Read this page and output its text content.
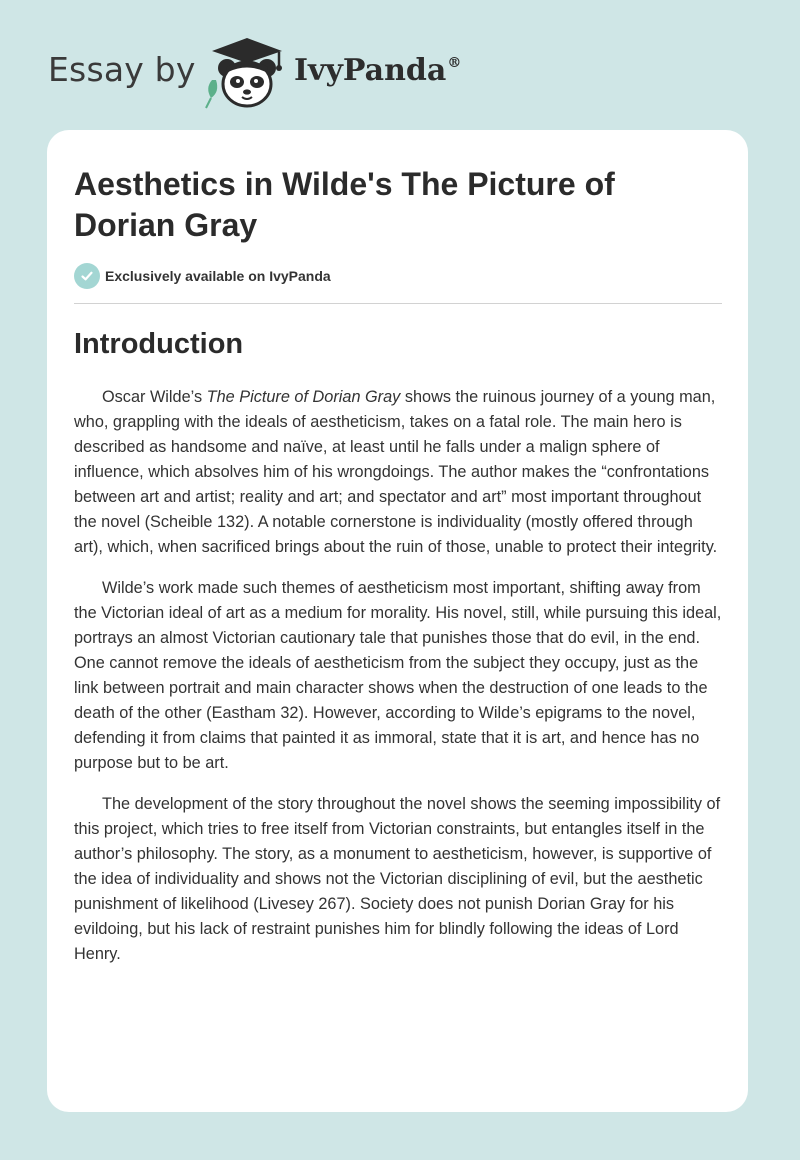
Essay by	IvyPanda®
Aesthetics in Wilde's The Picture of Dorian Gray
Exclusively available on IvyPanda
Introduction

Oscar Wilde’s The Picture of Dorian Gray shows the ruinous journey of a young man, who, grappling with the ideals of aestheticism, takes on a fatal role. The main hero is described as handsome and naïve, at least until he falls under a malign sphere of influence, which absolves him of his wrongdoings. The author makes the “confrontations between art and artist; reality and art; and spectator and art” most important throughout the novel (Scheible 132). A notable cornerstone is individuality (mostly offered through art), which, when sacrificed brings about the ruin of those, unable to protect their integrity.

Wilde’s work made such themes of aestheticism most important, shifting away from the Victorian ideal of art as a medium for morality. His novel, still, while pursuing this ideal, portrays an almost Victorian cautionary tale that punishes those that do evil, in the end. One cannot remove the ideals of aestheticism from the subject they occupy, just as the link between portrait and main character shows when the destruction of one leads to the death of the other (Eastham 32). However, according to Wilde’s epigrams to the novel, defending it from claims that painted it as immoral, state that it is art, and hence has no purpose but to be art.

The development of the story throughout the novel shows the seeming impossibility of this project, which tries to free itself from Victorian constraints, but entangles itself in the author’s philosophy. The story, as a monument to aestheticism, however, is supportive of the idea of individuality and shows not the Victorian disciplining of evil, but the aesthetic punishment of likelihood (Livesey 267). Society does not punish Dorian Gray for his evildoing, but his lack of restraint punishes him for blindly following the ideas of Lord Henry.
